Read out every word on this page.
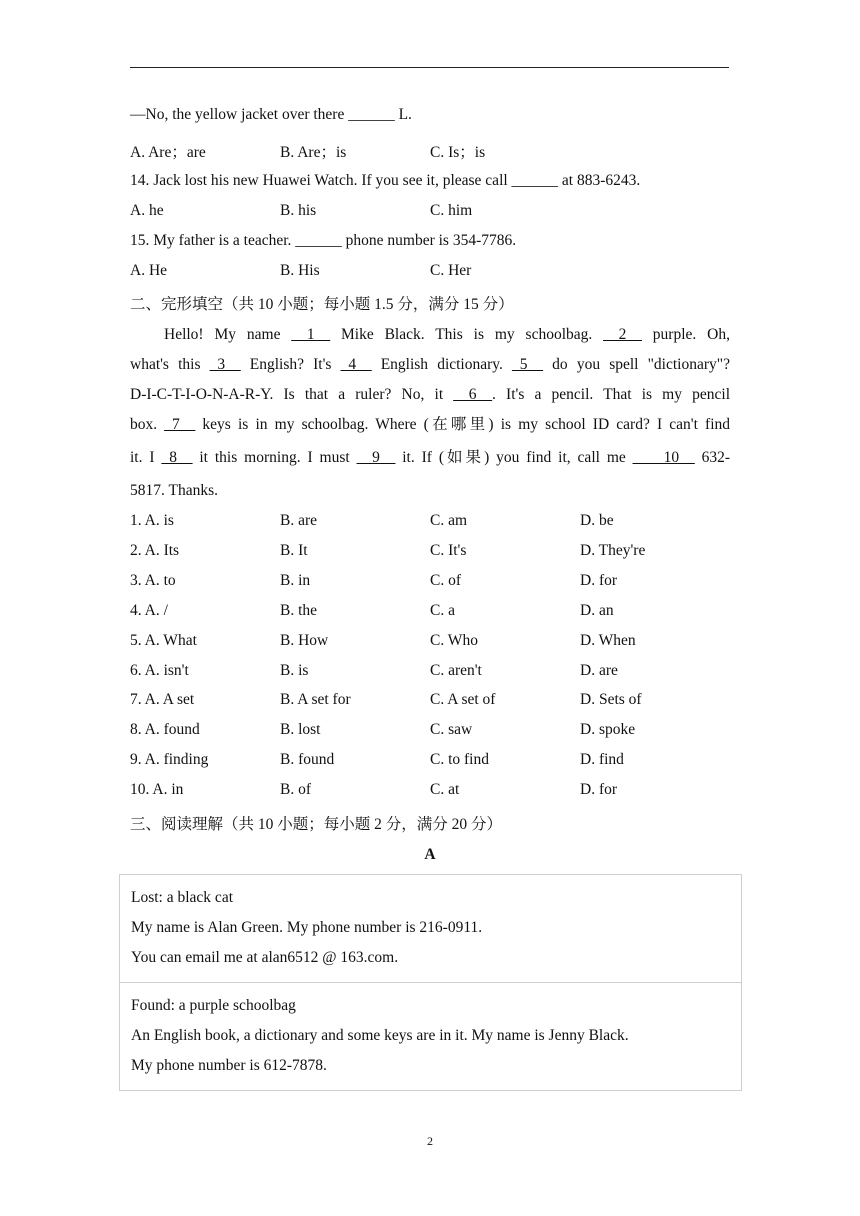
—No, the yellow jacket over there ______ L.
A. Are；are	B. Are；is	C. Is；is
14. Jack lost his new Huawei Watch. If you see it, please call ______ at 883-6243.
A. he	B. his	C. him
15. My father is a teacher. ______ phone number is 354-7786.
A. He	B. His	C. Her
二、完形填空（共 10 小题；每小题 1.5 分，满分 15 分）
Hello! My name __1__ Mike Black. This is my schoolbag. __2__ purple. Oh,
what's this _3__ English? It's _4__ English dictionary. _5__ do you spell "dictionary"?
D-I-C-T-I-O-N-A-R-Y. Is that a ruler? No, it __6__. It's a pencil. That is my pencil
box. _7__ keys is in my schoolbag. Where (在哪里) is my school ID card? I can't find
it. I _8__ it this morning. I must __9__ it. If (如果) you find it, call me ____10__ 632-
5817. Thanks.
1. A. is	B. are	C. am	D. be
2. A. Its	B. It	C. It's	D. They're
3. A. to	B. in	C. of	D. for
4. A. /	B. the	C. a	D. an
5. A. What	B. How	C. Who	D. When
6. A. isn't	B. is	C. aren't	D. are
7. A. A set	B. A set for	C. A set of	D. Sets of
8. A. found	B. lost	C. saw	D. spoke
9. A. finding	B. found	C. to find	D. find
10. A. in	B. of	C. at	D. for
三、阅读理解（共 10 小题；每小题 2 分，满分 20 分）
A
Lost: a black cat
My name is Alan Green. My phone number is 216-0911.
You can email me at alan6512 @ 163.com.
Found: a purple schoolbag
An English book, a dictionary and some keys are in it. My name is Jenny Black.
My phone number is 612-7878.
2
